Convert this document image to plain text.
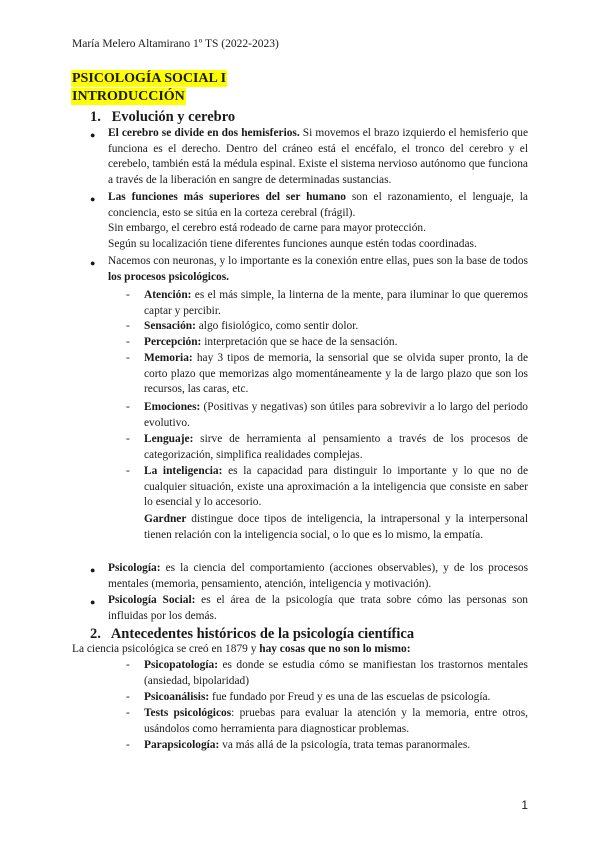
María Melero Altamirano 1º TS (2022-2023)
PSICOLOGÍA SOCIAL I
INTRODUCCIÓN
1. Evolución y cerebro
● El cerebro se divide en dos hemisferios. Si movemos el brazo izquierdo el hemisferio que funciona es el derecho. Dentro del cráneo está el encéfalo, el tronco del cerebro y el cerebelo, también está la médula espinal. Existe el sistema nervioso autónomo que funciona a través de la liberación en sangre de determinadas sustancias.
● Las funciones más superiores del ser humano son el razonamiento, el lenguaje, la conciencia, esto se sitúa en la corteza cerebral (frágil).
Sin embargo, el cerebro está rodeado de carne para mayor protección.
Según su localización tiene diferentes funciones aunque estén todas coordinadas.
● Nacemos con neuronas, y lo importante es la conexión entre ellas, pues son la base de todos los procesos psicológicos.
- Atención: es el más simple, la linterna de la mente, para iluminar lo que queremos captar y percibir.
- Sensación: algo fisiológico, como sentir dolor.
- Percepción: interpretación que se hace de la sensación.
- Memoria: hay 3 tipos de memoria, la sensorial que se olvida super pronto, la de corto plazo que memorizas algo momentáneamente y la de largo plazo que son los recursos, las caras, etc.
- Emociones: (Positivas y negativas) son útiles para sobrevivir a lo largo del periodo evolutivo.
- Lenguaje: sirve de herramienta al pensamiento a través de los procesos de categorización, simplifica realidades complejas.
- La inteligencia: es la capacidad para distinguir lo importante y lo que no de cualquier situación, existe una aproximación a la inteligencia que consiste en saber lo esencial y lo accesorio.
Gardner distingue doce tipos de inteligencia, la intrapersonal y la interpersonal tienen relación con la inteligencia social, o lo que es lo mismo, la empatía.
● Psicología: es la ciencia del comportamiento (acciones observables), y de los procesos mentales (memoria, pensamiento, atención, inteligencia y motivación).
● Psicología Social: es el área de la psicología que trata sobre cómo las personas son influidas por los demás.
2. Antecedentes históricos de la psicología científica
La ciencia psicológica se creó en 1879 y hay cosas que no son lo mismo:
- Psicopatología: es donde se estudia cómo se manifiestan los trastornos mentales (ansiedad, bipolaridad)
- Psicoanálisis: fue fundado por Freud y es una de las escuelas de psicología.
- Tests psicológicos: pruebas para evaluar la atención y la memoria, entre otros, usándolos como herramienta para diagnosticar problemas.
- Parapsicología: va más allá de la psicología, trata temas paranormales.
1
